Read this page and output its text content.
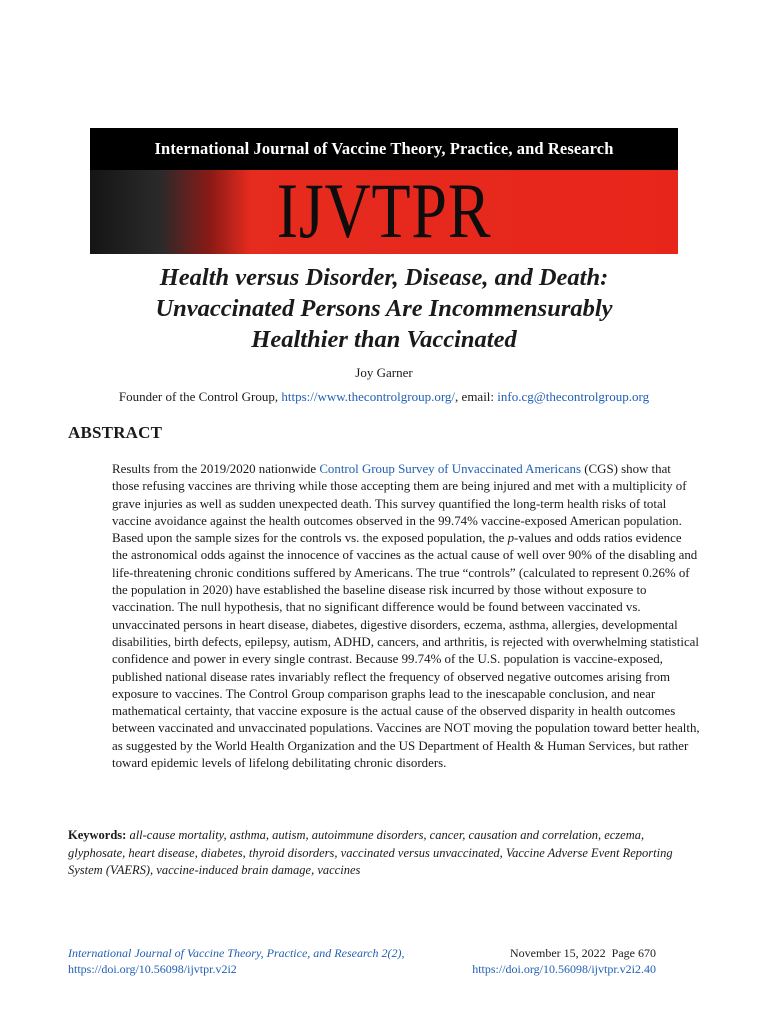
International Journal of Vaccine Theory, Practice, and Research
IJVTPR
Health versus Disorder, Disease, and Death:
Unvaccinated Persons Are Incommensurably
Healthier than Vaccinated
Joy Garner
Founder of the Control Group, https://www.thecontrolgroup.org/, email: info.cg@thecontrolgroup.org
ABSTRACT
Results from the 2019/2020 nationwide Control Group Survey of Unvaccinated Americans (CGS) show that those refusing vaccines are thriving while those accepting them are being injured and met with a multiplicity of grave injuries as well as sudden unexpected death. This survey quantified the long-term health risks of total vaccine avoidance against the health outcomes observed in the 99.74% vaccine-exposed American population. Based upon the sample sizes for the controls vs. the exposed population, the p-values and odds ratios evidence the astronomical odds against the innocence of vaccines as the actual cause of well over 90% of the disabling and life-threatening chronic conditions suffered by Americans. The true “controls” (calculated to represent 0.26% of the population in 2020) have established the baseline disease risk incurred by those without exposure to vaccination. The null hypothesis, that no significant difference would be found between vaccinated vs. unvaccinated persons in heart disease, diabetes, digestive disorders, eczema, asthma, allergies, developmental disabilities, birth defects, epilepsy, autism, ADHD, cancers, and arthritis, is rejected with overwhelming statistical confidence and power in every single contrast. Because 99.74% of the U.S. population is vaccine-exposed, published national disease rates invariably reflect the frequency of observed negative outcomes arising from exposure to vaccines. The Control Group comparison graphs lead to the inescapable conclusion, and near mathematical certainty, that vaccine exposure is the actual cause of the observed disparity in health outcomes between vaccinated and unvaccinated populations. Vaccines are NOT moving the population toward better health, as suggested by the World Health Organization and the US Department of Health & Human Services, but rather toward epidemic levels of lifelong debilitating chronic disorders.
Keywords: all-cause mortality, asthma, autism, autoimmune disorders, cancer, causation and correlation, eczema, glyphosate, heart disease, diabetes, thyroid disorders, vaccinated versus unvaccinated, Vaccine Adverse Event Reporting System (VAERS), vaccine-induced brain damage, vaccines
International Journal of Vaccine Theory, Practice, and Research 2(2),
https://doi.org/10.56098/ijvtpr.v2i2
November 15, 2022  Page 670
https://doi.org/10.56098/ijvtpr.v2i2.40
